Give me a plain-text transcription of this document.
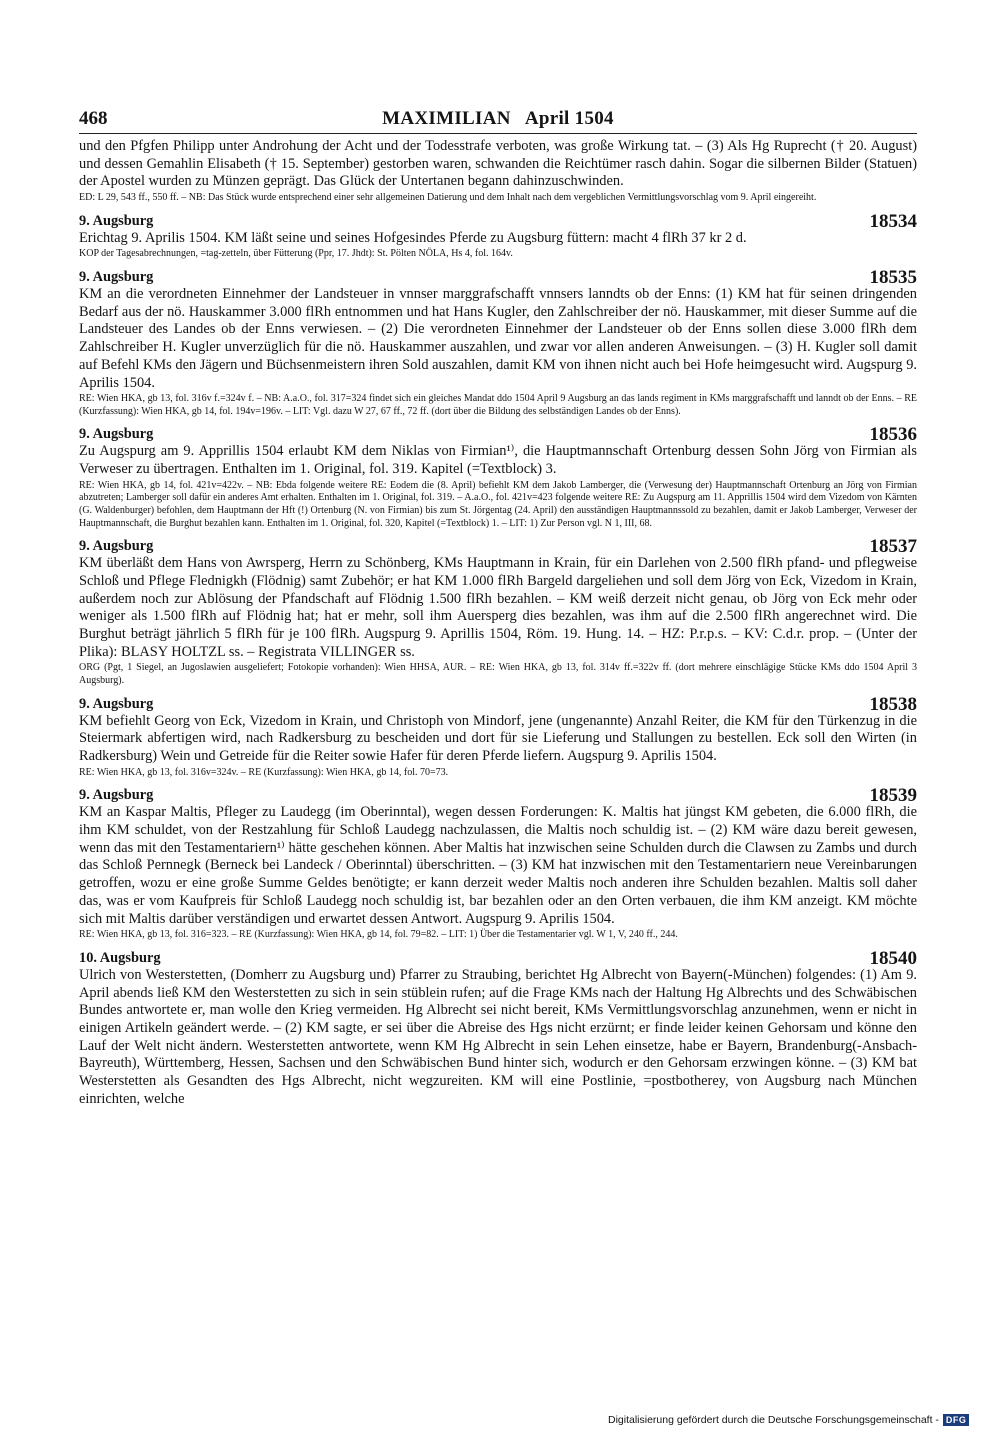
468	MAXIMILIAN   April 1504
und den Pfgfen Philipp unter Androhung der Acht und der Todesstrafe verboten, was große Wirkung tat. – (3) Als Hg Ruprecht († 20. August) und dessen Gemahlin Elisabeth († 15. September) gestorben waren, schwanden die Reichtümer rasch dahin. Sogar die silbernen Bilder (Statuen) der Apostel wurden zu Münzen geprägt. Das Glück der Untertanen begann dahinzuschwinden.
ED: L 29, 543 ff., 550 ff. – NB: Das Stück wurde entsprechend einer sehr allgemeinen Datierung und dem Inhalt nach dem vergeblichen Vermittlungsvorschlag vom 9. April eingereiht.
9. Augsburg	18534
Erichtag 9. Aprilis 1504. KM läßt seine und seines Hofgesindes Pferde zu Augsburg füttern: macht 4 flRh 37 kr 2 d.
KOP der Tagesabrechnungen, =tag-zetteln, über Fütterung (Ppr, 17. Jhdt): St. Pölten NÖLA, Hs 4, fol. 164v.
9. Augsburg	18535
KM an die verordneten Einnehmer der Landsteuer in vnnser marggrafschafft vnnsers lanndts ob der Enns: (1) KM hat für seinen dringenden Bedarf aus der nö. Hauskammer 3.000 flRh entnommen und hat Hans Kugler, den Zahlschreiber der nö. Hauskammer, mit dieser Summe auf die Landsteuer des Landes ob der Enns verwiesen. – (2) Die verordneten Einnehmer der Landsteuer ob der Enns sollen diese 3.000 flRh dem Zahlschreiber H. Kugler unverzüglich für die nö. Hauskammer auszahlen, und zwar vor allen anderen Anweisungen. – (3) H. Kugler soll damit auf Befehl KMs den Jägern und Büchsenmeistern ihren Sold auszahlen, damit KM von ihnen nicht auch bei Hofe heimgesucht wird. Augspurg 9. Aprilis 1504.
RE: Wien HKA, gb 13, fol. 316v f.=324v f. – NB: A.a.O., fol. 317=324 findet sich ein gleiches Mandat ddo 1504 April 9 Augsburg an das lands regiment in KMs marggrafschafft und lanndt ob der Enns. – RE (Kurzfassung): Wien HKA, gb 14, fol. 194v=196v. – LIT: Vgl. dazu W 27, 67 ff., 72 ff. (dort über die Bildung des selbständigen Landes ob der Enns).
9. Augsburg	18536
Zu Augspurg am 9. Apprillis 1504 erlaubt KM dem Niklas von Firmian¹⁾, die Hauptmannschaft Ortenburg dessen Sohn Jörg von Firmian als Verweser zu übertragen. Enthalten im 1. Original, fol. 319. Kapitel (=Textblock) 3.
RE: Wien HKA, gb 14, fol. 421v=422v. – NB: Ebda folgende weitere RE: Eodem die (8. April) befiehlt KM dem Jakob Lamberger, die (Verwesung der) Hauptmannschaft Ortenburg an Jörg von Firmian abzutreten; Lamberger soll dafür ein anderes Amt erhalten. Enthalten im 1. Original, fol. 319. – A.a.O., fol. 421v=423 folgende weitere RE: Zu Augspurg am 11. Apprillis 1504 wird dem Vizedom von Kärnten (G. Waldenburger) befohlen, dem Hauptmann der Hft (!) Ortenburg (N. von Firmian) bis zum St. Jörgentag (24. April) den ausständigen Hauptmannssold zu bezahlen, damit er Jakob Lamberger, Verweser der Hauptmannschaft, die Burghut bezahlen kann. Enthalten im 1. Original, fol. 320, Kapitel (=Textblock) 1. – LIT: 1) Zur Person vgl. N 1, III, 68.
9. Augsburg	18537
KM überläßt dem Hans von Awrsperg, Herrn zu Schönberg, KMs Hauptmann in Krain, für ein Darlehen von 2.500 flRh pfand- und pflegweise Schloß und Pflege Flednigkh (Flödnig) samt Zubehör; er hat KM 1.000 flRh Bargeld dargeliehen und soll dem Jörg von Eck, Vizedom in Krain, außerdem noch zur Ablösung der Pfandschaft auf Flödnig 1.500 flRh bezahlen. – KM weiß derzeit nicht genau, ob Jörg von Eck mehr oder weniger als 1.500 flRh auf Flödnig hat; hat er mehr, soll ihm Auersperg dies bezahlen, was ihm auf die 2.500 flRh angerechnet wird. Die Burghut beträgt jährlich 5 flRh für je 100 flRh. Augspurg 9. Aprillis 1504, Röm. 19. Hung. 14. – HZ: P.r.p.s. – KV: C.d.r. prop. – (Unter der Plika): BLASY HOLTZL ss. – Registrata VILLINGER ss.
ORG (Pgt, 1 Siegel, an Jugoslawien ausgeliefert; Fotokopie vorhanden): Wien HHSA, AUR. – RE: Wien HKA, gb 13, fol. 314v ff.=322v ff. (dort mehrere einschlägige Stücke KMs ddo 1504 April 3 Augsburg).
9. Augsburg	18538
KM befiehlt Georg von Eck, Vizedom in Krain, und Christoph von Mindorf, jene (ungenannte) Anzahl Reiter, die KM für den Türkenzug in die Steiermark abfertigen wird, nach Radkersburg zu bescheiden und dort für sie Lieferung und Stallungen zu bestellen. Eck soll den Wirten (in Radkersburg) Wein und Getreide für die Reiter sowie Hafer für deren Pferde liefern. Augspurg 9. Aprilis 1504.
RE: Wien HKA, gb 13, fol. 316v=324v. – RE (Kurzfassung): Wien HKA, gb 14, fol. 70=73.
9. Augsburg	18539
KM an Kaspar Maltis, Pfleger zu Laudegg (im Oberinntal), wegen dessen Forderungen: K. Maltis hat jüngst KM gebeten, die 6.000 flRh, die ihm KM schuldet, von der Restzahlung für Schloß Laudegg nachzulassen, die Maltis noch schuldig ist. – (2) KM wäre dazu bereit gewesen, wenn das mit den Testamentariern¹⁾ hätte geschehen können. Aber Maltis hat inzwischen seine Schulden durch die Clawsen zu Zambs und durch das Schloß Pernnegk (Berneck bei Landeck / Oberinntal) überschritten. – (3) KM hat inzwischen mit den Testamentariern neue Vereinbarungen getroffen, wozu er eine große Summe Geldes benötigte; er kann derzeit weder Maltis noch anderen ihre Schulden bezahlen. Maltis soll daher das, was er vom Kaufpreis für Schloß Laudegg noch schuldig ist, bar bezahlen oder an den Orten verbauen, die ihm KM anzeigt. KM möchte sich mit Maltis darüber verständigen und erwartet dessen Antwort. Augspurg 9. Aprilis 1504.
RE: Wien HKA, gb 13, fol. 316=323. – RE (Kurzfassung): Wien HKA, gb 14, fol. 79=82. – LIT: 1) Über die Testamentarier vgl. W 1, V, 240 ff., 244.
10. Augsburg	18540
Ulrich von Westerstetten, (Domherr zu Augsburg und) Pfarrer zu Straubing, berichtet Hg Albrecht von Bayern(-München) folgendes: (1) Am 9. April abends ließ KM den Westerstetten zu sich in sein stüblein rufen; auf die Frage KMs nach der Haltung Hg Albrechts und des Schwäbischen Bundes antwortete er, man wolle den Krieg vermeiden. Hg Albrecht sei nicht bereit, KMs Vermittlungsvorschlag anzunehmen, wenn er nicht in einigen Artikeln geändert werde. – (2) KM sagte, er sei über die Abreise des Hgs nicht erzürnt; er finde leider keinen Gehorsam und könne den Lauf der Welt nicht ändern. Westerstetten antwortete, wenn KM Hg Albrecht in sein Lehen einsetze, habe er Bayern, Brandenburg(-Ansbach-Bayreuth), Württemberg, Hessen, Sachsen und den Schwäbischen Bund hinter sich, wodurch er den Gehorsam erzwingen könne. – (3) KM bat Westerstetten als Gesandten des Hgs Albrecht, nicht wegzureiten. KM will eine Postlinie, =postbotherey, von Augsburg nach München einrichten, welche
Digitalisierung gefördert durch die Deutsche Forschungsgemeinschaft - DFG
